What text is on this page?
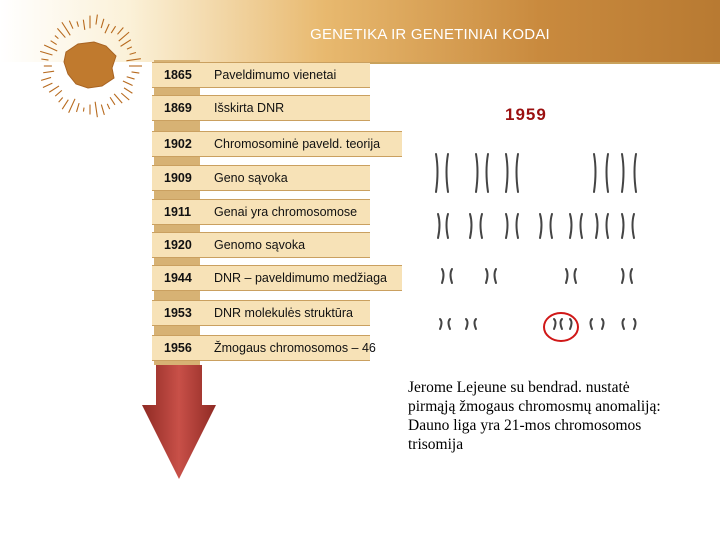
GENETIKA IR GENETINIAI KODAI
1865 Paveldimumo vienetai
1869 Išskirta DNR
1902 Chromosominė paveld. teorija
1909 Geno sąvoka
1911 Genai yra chromosomose
1920 Genomo sąvoka
1944 DNR – paveldimumo medžiaga
1953 DNR molekulės struktūra
1956 Žmogaus chromosomos – 46
1959
Jerome Lejeune su bendrad. nustatė
pirmąją žmogaus chromosmų anomaliją:
Dauno liga yra 21-mos chromosomos
trisomija
